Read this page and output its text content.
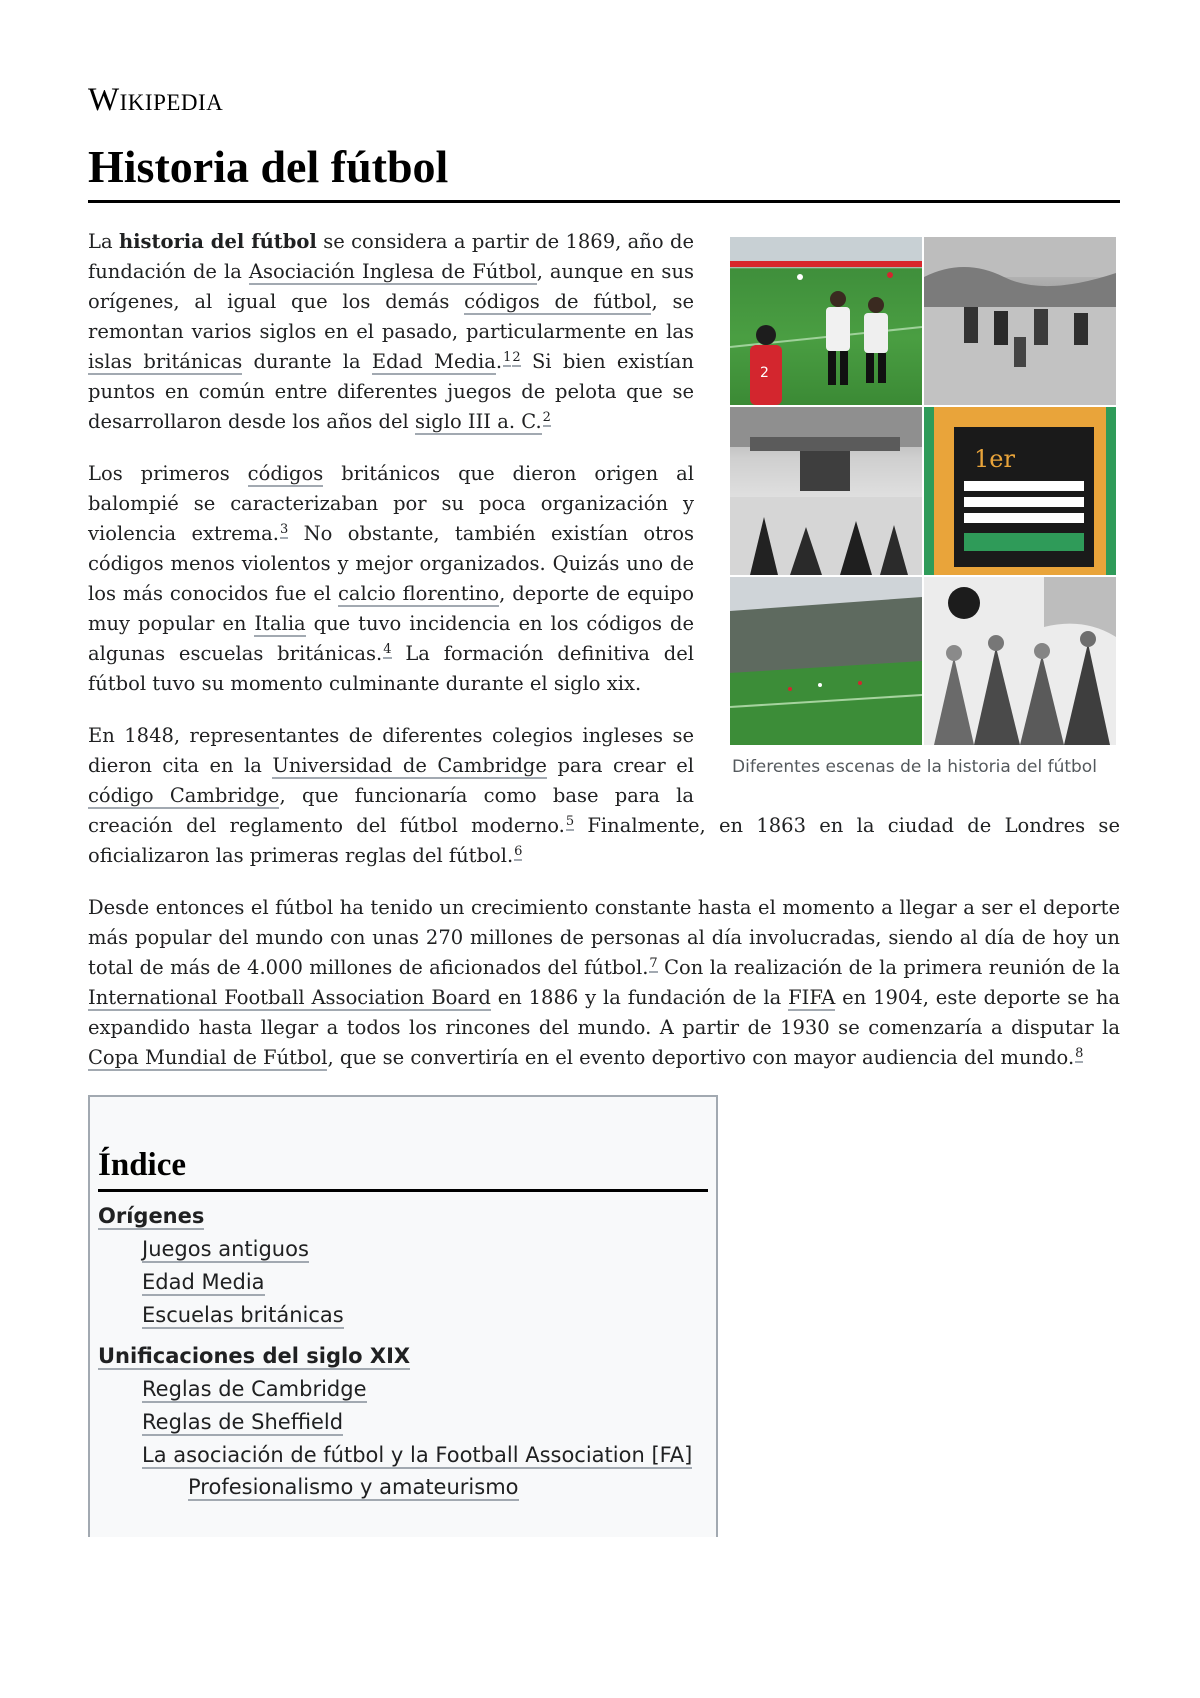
Wikipedia
Historia del fútbol
2
1er
Diferentes escenas de la historia del fútbol

La historia del fútbol se considera a partir de 1869, año de fundación de la Asociación Inglesa de Fútbol, aunque en sus orígenes, al igual que los demás códigos de fútbol, se remontan varios siglos en el pasado, particularmente en las islas británicas durante la Edad Media.$^{12}$ Si bien existían puntos en común entre diferentes juegos de pelota que se desarrollaron desde los años del siglo III a. C.$^2$

Los primeros códigos británicos que dieron origen al balompié se caracterizaban por su poca organización y violencia extrema.$^3$ No obstante, también existían otros códigos menos violentos y mejor organizados. Quizás uno de los más conocidos fue el calcio florentino, deporte de equipo muy popular en Italia que tuvo incidencia en los códigos de algunas escuelas británicas.$^4$ La formación definitiva del fútbol tuvo su momento culminante durante el siglo xix.

En 1848, representantes de diferentes colegios ingleses se dieron cita en la Universidad de Cambridge para crear el código Cambridge, que funcionaría como base para la creación del reglamento del fútbol moderno.$^5$ Finalmente, en 1863 en la ciudad de Londres se oficializaron las primeras reglas del fútbol.$^6$

Desde entonces el fútbol ha tenido un crecimiento constante hasta el momento a llegar a ser el deporte más popular del mundo con unas 270 millones de personas al día involucradas, siendo al día de hoy un total de más de 4.000 millones de aficionados del fútbol.$^7$ Con la realización de la primera reunión de la International Football Association Board en 1886 y la fundación de la FIFA en 1904, este deporte se ha expandido hasta llegar a todos los rincones del mundo. A partir de 1930 se comenzaría a disputar la Copa Mundial de Fútbol, que se convertiría en el evento deportivo con mayor audiencia del mundo.$^8$

Índice
Orígenes
Juegos antiguos
Edad Media
Escuelas británicas
Unificaciones del siglo XIX
Reglas de Cambridge
Reglas de Sheffield
La asociación de fútbol y la Football Association [FA]
Profesionalismo y amateurismo
